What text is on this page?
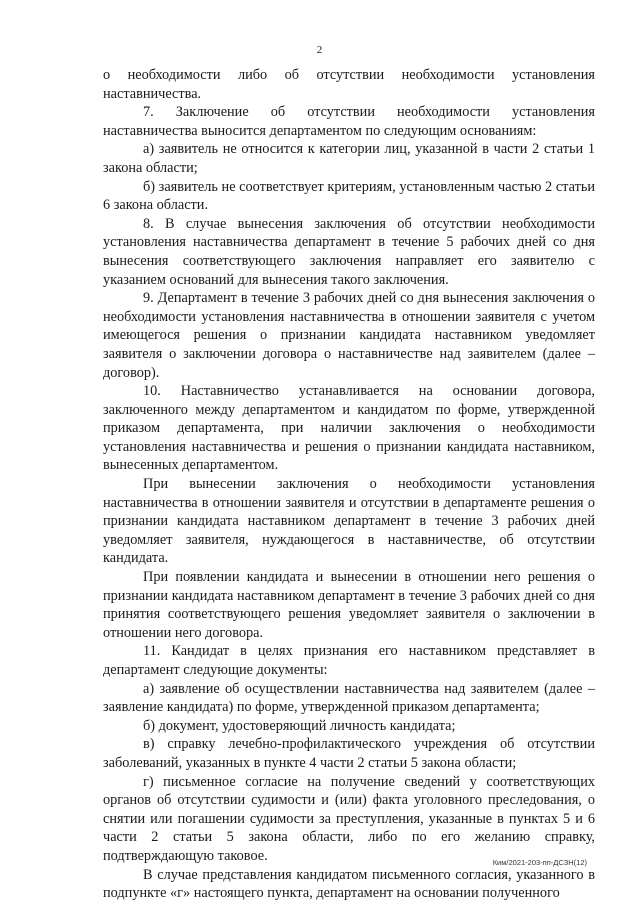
2

о необходимости либо об отсутствии необходимости установления наставничества.

7. Заключение об отсутствии необходимости установления наставничества выносится департаментом по следующим основаниям:

а) заявитель не относится к категории лиц, указанной в части 2 статьи 1 закона области;

б) заявитель не соответствует критериям, установленным частью 2 статьи 6 закона области.

8. В случае вынесения заключения об отсутствии необходимости установления наставничества департамент в течение 5 рабочих дней со дня вынесения соответствующего заключения направляет его заявителю с указанием оснований для вынесения такого заключения.

9. Департамент в течение 3 рабочих дней со дня вынесения заключения о необходимости установления наставничества в отношении заявителя с учетом имеющегося решения о признании кандидата наставником уведомляет заявителя о заключении договора о наставничестве над заявителем (далее – договор).

10. Наставничество устанавливается на основании договора, заключенного между департаментом и кандидатом по форме, утвержденной приказом департамента, при наличии заключения о необходимости установления наставничества и решения о признании кандидата наставником, вынесенных департаментом.

При вынесении заключения о необходимости установления наставничества в отношении заявителя и отсутствии в департаменте решения о признании кандидата наставником департамент в течение 3 рабочих дней уведомляет заявителя, нуждающегося в наставничестве, об отсутствии кандидата.

При появлении кандидата и вынесении в отношении него решения о признании кандидата наставником департамент в течение 3 рабочих дней со дня принятия соответствующего решения уведомляет заявителя о заключении в отношении него договора.

11. Кандидат в целях признания его наставником представляет в департамент следующие документы:

а) заявление об осуществлении наставничества над заявителем (далее – заявление кандидата) по форме, утвержденной приказом департамента;

б) документ, удостоверяющий личность кандидата;

в) справку лечебно-профилактического учреждения об отсутствии заболеваний, указанных в пункте 4 части 2 статьи 5 закона области;

г) письменное согласие на получение сведений у соответствующих органов об отсутствии судимости и (или) факта уголовного преследования, о снятии или погашении судимости за преступления, указанные в пунктах 5 и 6 части 2 статьи 5 закона области, либо по его желанию справку, подтверждающую таковое.

В случае представления кандидатом письменного согласия, указанного в подпункте «г» настоящего пункта, департамент на основании полученного

Ким/2021-203-пп-ДСЗН(12)
